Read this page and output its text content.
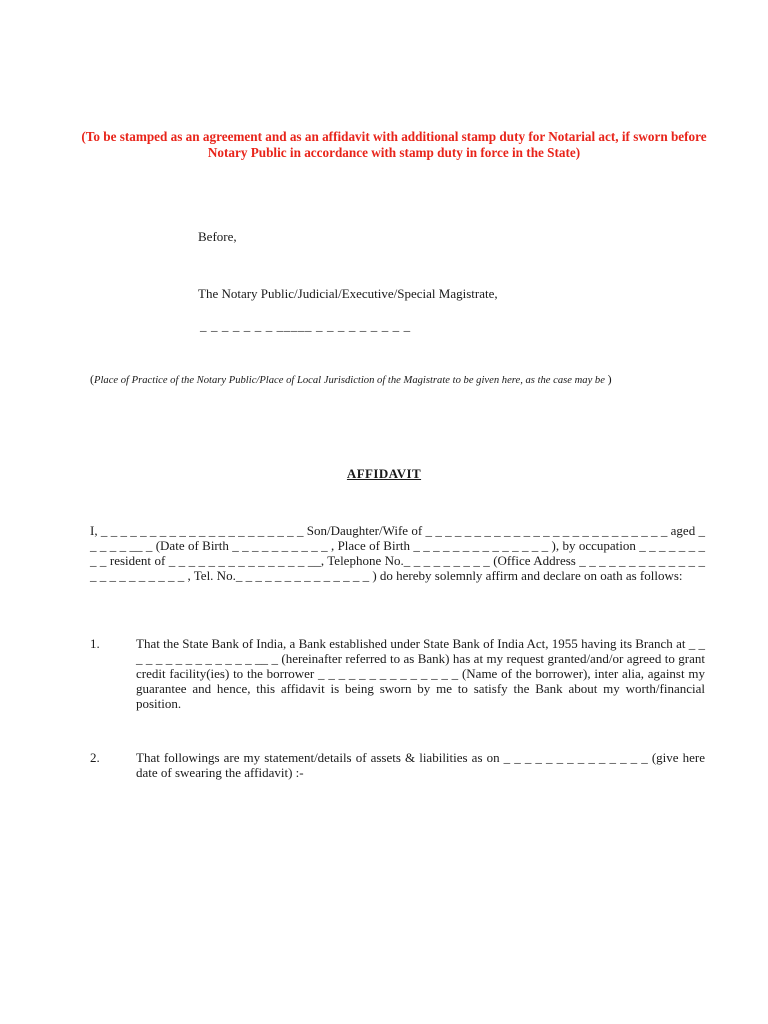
(To be stamped as an agreement and as an affidavit with additional stamp duty for Notarial act, if sworn before Notary Public in accordance with stamp duty in force in the State)
Before,
The Notary Public/Judicial/Executive/Special Magistrate,
_ _ _ _ _ _ _ _____ _ _ _ _ _ _ _ _ _
(Place of Practice of the Notary Public/Place of Local Jurisdiction of the Magistrate to be given here, as the case may be )
AFFIDAVIT
I, _ _ _ _ _ _ _ _ _ _ _ _ _ _ _ _ _ _ _ _ _ Son/Daughter/Wife of _ _ _ _ _ _ _ _ _ _ _ _ _ _ _ _ _ _ _ _ _ _ _ _ _ aged _ _ _ _ _ __ _ (Date of Birth _ _ _ _ _ _ _ _ _ _ , Place of Birth _ _ _ _ _ _ _ _ _ _ _ _ _ _ ), by occupation _ _ _ _ _ _ _ _ _ resident of _ _ _ _ _ _ _ _ _ _ _ _ _ _ __, Telephone No._ _ _ _ _ _ _ _ _ (Office Address _ _ _ _ _ _ _ _ _ _ _ _ _ _ _ _ _ _ _ _ _ _ _ , Tel. No._ _ _ _ _ _ _ _ _ _ _ _ _ _ ) do hereby solemnly affirm and declare on oath as follows:
1.	That the State Bank of India, a Bank established under State Bank of India Act, 1955 having its Branch at _ _ _ _ _ _ _ _ _ _ _ _ _ _ __ _ (hereinafter referred to as Bank) has at my request granted/and/or agreed to grant credit facility(ies) to the borrower _ _ _ _ _ _ _ _ _ _ _ _ _ _ (Name of the borrower), inter alia, against my guarantee and hence, this affidavit is being sworn by me to satisfy the Bank about my worth/financial position.
2.	That followings are my statement/details of assets & liabilities as on _ _ _ _ _ _ _ _ _ _ _ _ _ _ (give here date of swearing the affidavit) :-
